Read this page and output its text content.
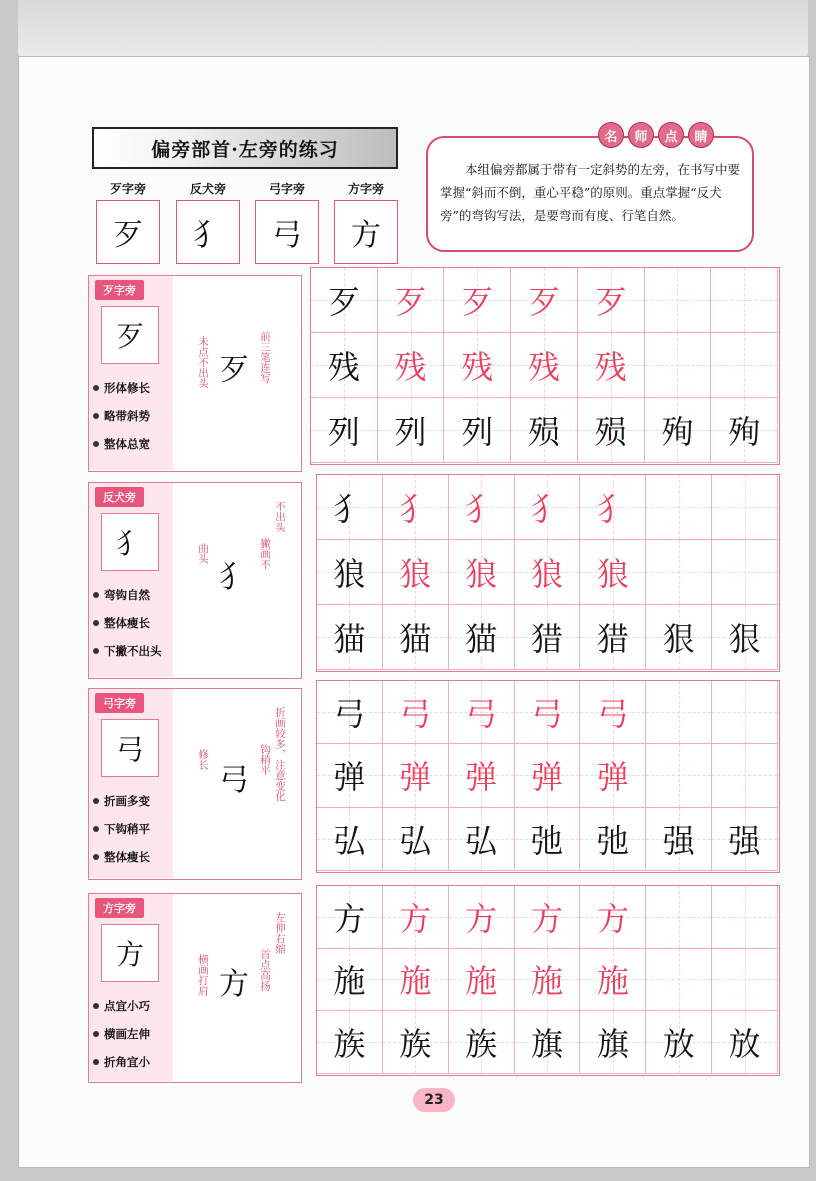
偏旁部首·左旁的练习
歹字旁	反犬旁	弓字旁	方字旁
歹	犭	弓	方
本组偏旁都属于带有一定斜势的左旁，在书写中要掌握“斜而不倒，重心平稳”的原则。重点掌握“反犬旁”的弯钩写法，是要弯而有度、行笔自然。
名	师	点	睛
歹字旁
歹
形体修长
略带斜势
整体总宽
歹
未点不出头	前三笔连写
歹 歹 歹 歹 歹
残 残 残 残 残
列 列 列 殒 殒 殉 殉
反犬旁
犭
弯钩自然
整体瘦长
下撇不出头
犭
曲头	撇画不
不出头 犭 犭 犭 犭 犭
狼 狼 狼 狼 狼
猫 猫 猫 猎 猎 狠 狠
弓字旁
弓
折画多变
下钩稍平
整体瘦长
弓
修长	钩稍平 折画较多，注意变化 弓 弓 弓 弓 弓
弹 弹 弹 弹 弹
弘 弘 弘 弛 弛 强 强
方字旁
方
点宜小巧
横画左伸
折角宜小
方
横画打肩	首点高扬
左伸右缩 方 方 方 方 方
施 施 施 施 施
族 族 族 旗 旗 放 放
23
